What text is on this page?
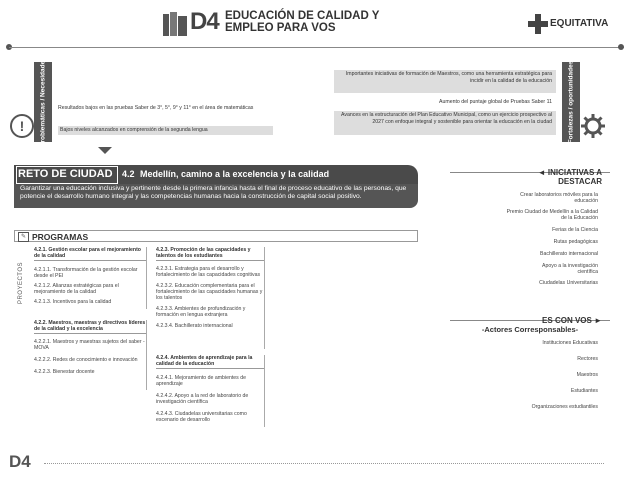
D4 EDUCACIÓN DE CALIDAD Y
EMPLEO PARA VOS	EQUITATIVA
!	Problemáticas / Necesidades Resultados bajos en las pruebas Saber de 3°, 5°, 9° y 11° en el área de matemáticas
Bajos niveles alcanzados en comprensión de la segunda lengua
Importantes iniciativas de formación de Maestros, como una herramienta estratégica para incidir en la calidad de la educación
Aumento del puntaje global de Pruebas Saber 11
Avances en la estructuración del Plan Educativo Municipal, como un ejercicio prospectivo al 2027 con enfoque integral y sostenible para orientar la educación en la ciudad	Fortalezas / oportunidades
RETO DE CIUDAD 4.2 Medellín, camino a la excelencia y la calidad
Garantizar una educación inclusiva y pertinente desde la primera infancia hasta el final de proceso educativo de las personas, que potencie el desarrollo humano integral y las competencias humanas hacia la construcción de capital social positivo.
✎ PROGRAMAS
PROYECTOS
4.2.1. Gestión escolar para el mejoramiento de la calidad
4.2.1.1. Transformación de la gestión escolar desde el PEI
4.2.1.2. Alianzas estratégicas para el mejoramiento de la calidad
4.2.1.3. Incentivos para la calidad
4.2.2. Maestros, maestras y directivos líderes de la calidad y la excelencia
4.2.2.1. Maestros y maestras sujetos del saber - MOVA
4.2.2.2. Redes de conocimiento e innovación
4.2.2.3. Bienestar docente
4.2.3. Promoción de las capacidades y talentos de los estudiantes
4.2.3.1. Estrategia para el desarrollo y fortalecimiento de las capacidades cognitivas
4.2.3.2. Educación complementaria para el fortalecimiento de las capacidades humanas y los talentos
4.2.3.3. Ambientes de profundización y formación en lengua extranjera
4.2.3.4. Bachillerato internacional
4.2.4. Ambientes de aprendizaje para la calidad de la educación
4.2.4.1. Mejoramiento de ambientes de aprendizaje
4.2.4.2. Apoyo a la red de laboratorio de investigación científica
4.2.4.3. Ciudadelas universitarias como escenario de desarrollo
◄ INICIATIVAS A
DESTACAR
Crear laboratorios móviles para la educación
Premio Ciudad de Medellín a la Calidad de la Educación
Ferias de la Ciencia
Rutas pedagógicas
Bachillerato internacional
Apoyo a la investigación científica
Ciudadelas Universitarias
ES CON VOS ►
-Actores Corresponsables-
Instituciones Educativas
Rectores
Maestros
Estudiantes
Organizaciones estudiantiles
D4
